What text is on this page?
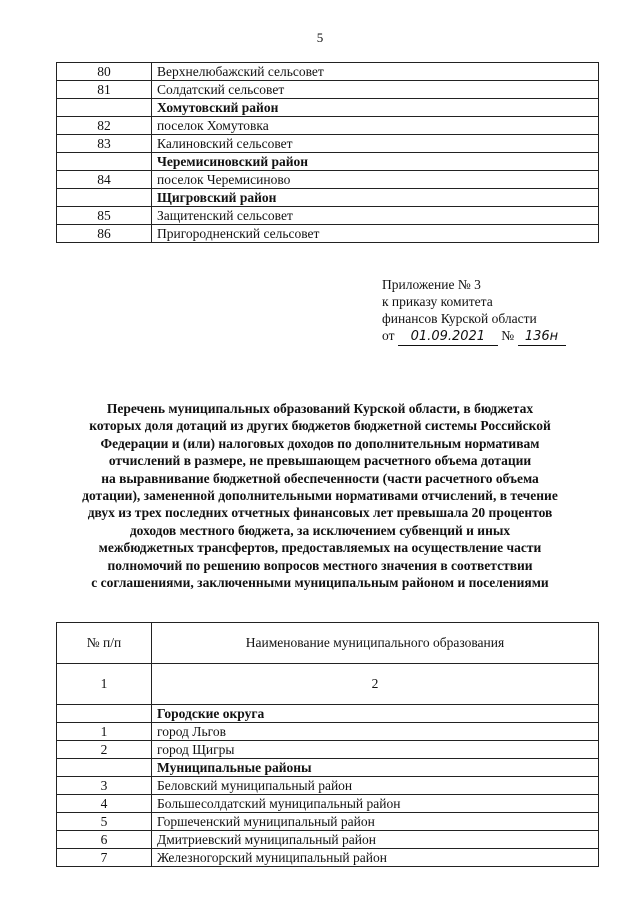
5
80	Верхнелюбажский сельсовет
81	Солдатский сельсовет
	Хомутовский район
82	поселок Хомутовка
83	Калиновский сельсовет
	Черемисиновский район
84	поселок Черемисиново
	Щигровский район
85	Защитенский сельсовет
86	Пригородненский сельсовет
Приложение № 3
к приказу комитета
финансов Курской области
от 01.09.2021 № 136н
Перечень муниципальных образований Курской области, в бюджетах
которых доля дотаций из других бюджетов бюджетной системы Российской
Федерации и (или) налоговых доходов по дополнительным нормативам
отчислений в размере, не превышающем расчетного объема дотации
на выравнивание бюджетной обеспеченности (части расчетного объема
дотации), замененной дополнительными нормативами отчислений, в течение
двух из трех последних отчетных финансовых лет превышала 20 процентов
доходов местного бюджета, за исключением субвенций и иных
межбюджетных трансфертов, предоставляемых на осуществление части
полномочий по решению вопросов местного значения в соответствии
с соглашениями, заключенными муниципальным районом и поселениями
№ п/п	Наименование муниципального образования
1	2
	Городские округа
1	город Льгов
2	город Щигры
	Муниципальные районы
3	Беловский муниципальный район
4	Большесолдатский муниципальный район
5	Горшеченский муниципальный район
6	Дмитриевский муниципальный район
7	Железногорский муниципальный район
